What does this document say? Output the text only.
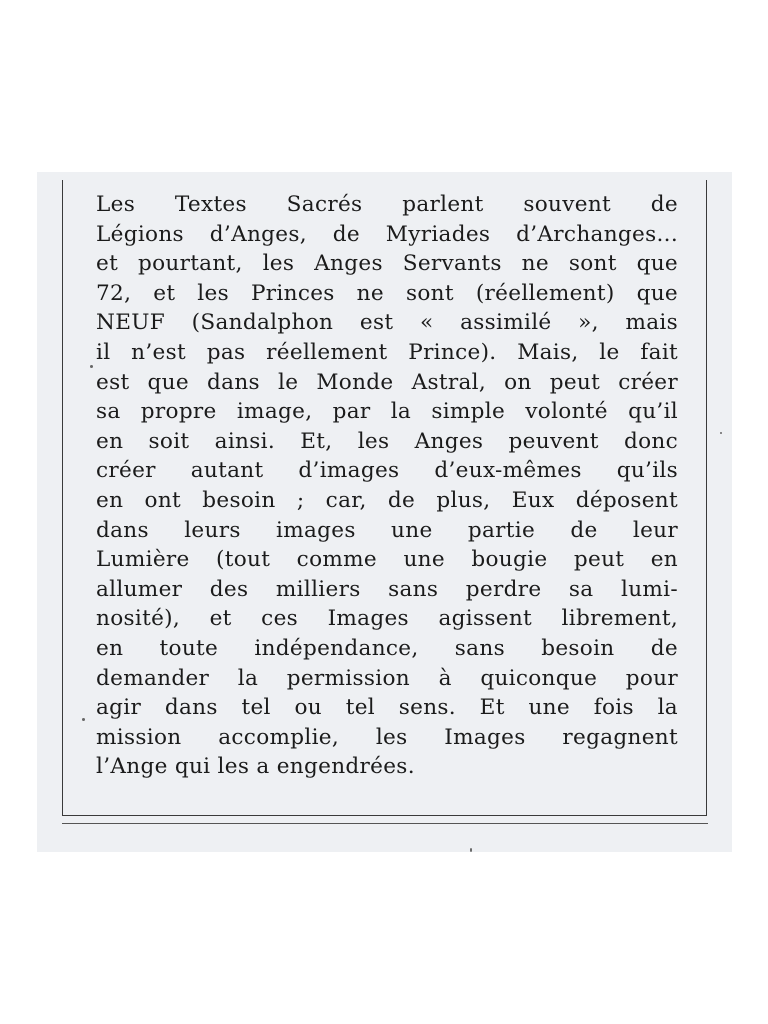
Les Textes Sacrés parlent souvent de
Légions d’Anges, de Myriades d’Archanges...
et pourtant, les Anges Servants ne sont que
72, et les Princes ne sont (réellement) que
NEUF (Sandalphon est « assimilé », mais
il n’est pas réellement Prince). Mais, le fait
est que dans le Monde Astral, on peut créer
sa propre image, par la simple volonté qu’il
en soit ainsi. Et, les Anges peuvent donc
créer autant d’images d’eux-mêmes qu’ils
en ont besoin ; car, de plus, Eux déposent
dans leurs images une partie de leur
Lumière (tout comme une bougie peut en
allumer des milliers sans perdre sa lumi-
nosité), et ces Images agissent librement,
en toute indépendance, sans besoin de
demander la permission à quiconque pour
agir dans tel ou tel sens. Et une fois la
mission accomplie, les Images regagnent
l’Ange qui les a engendrées.
